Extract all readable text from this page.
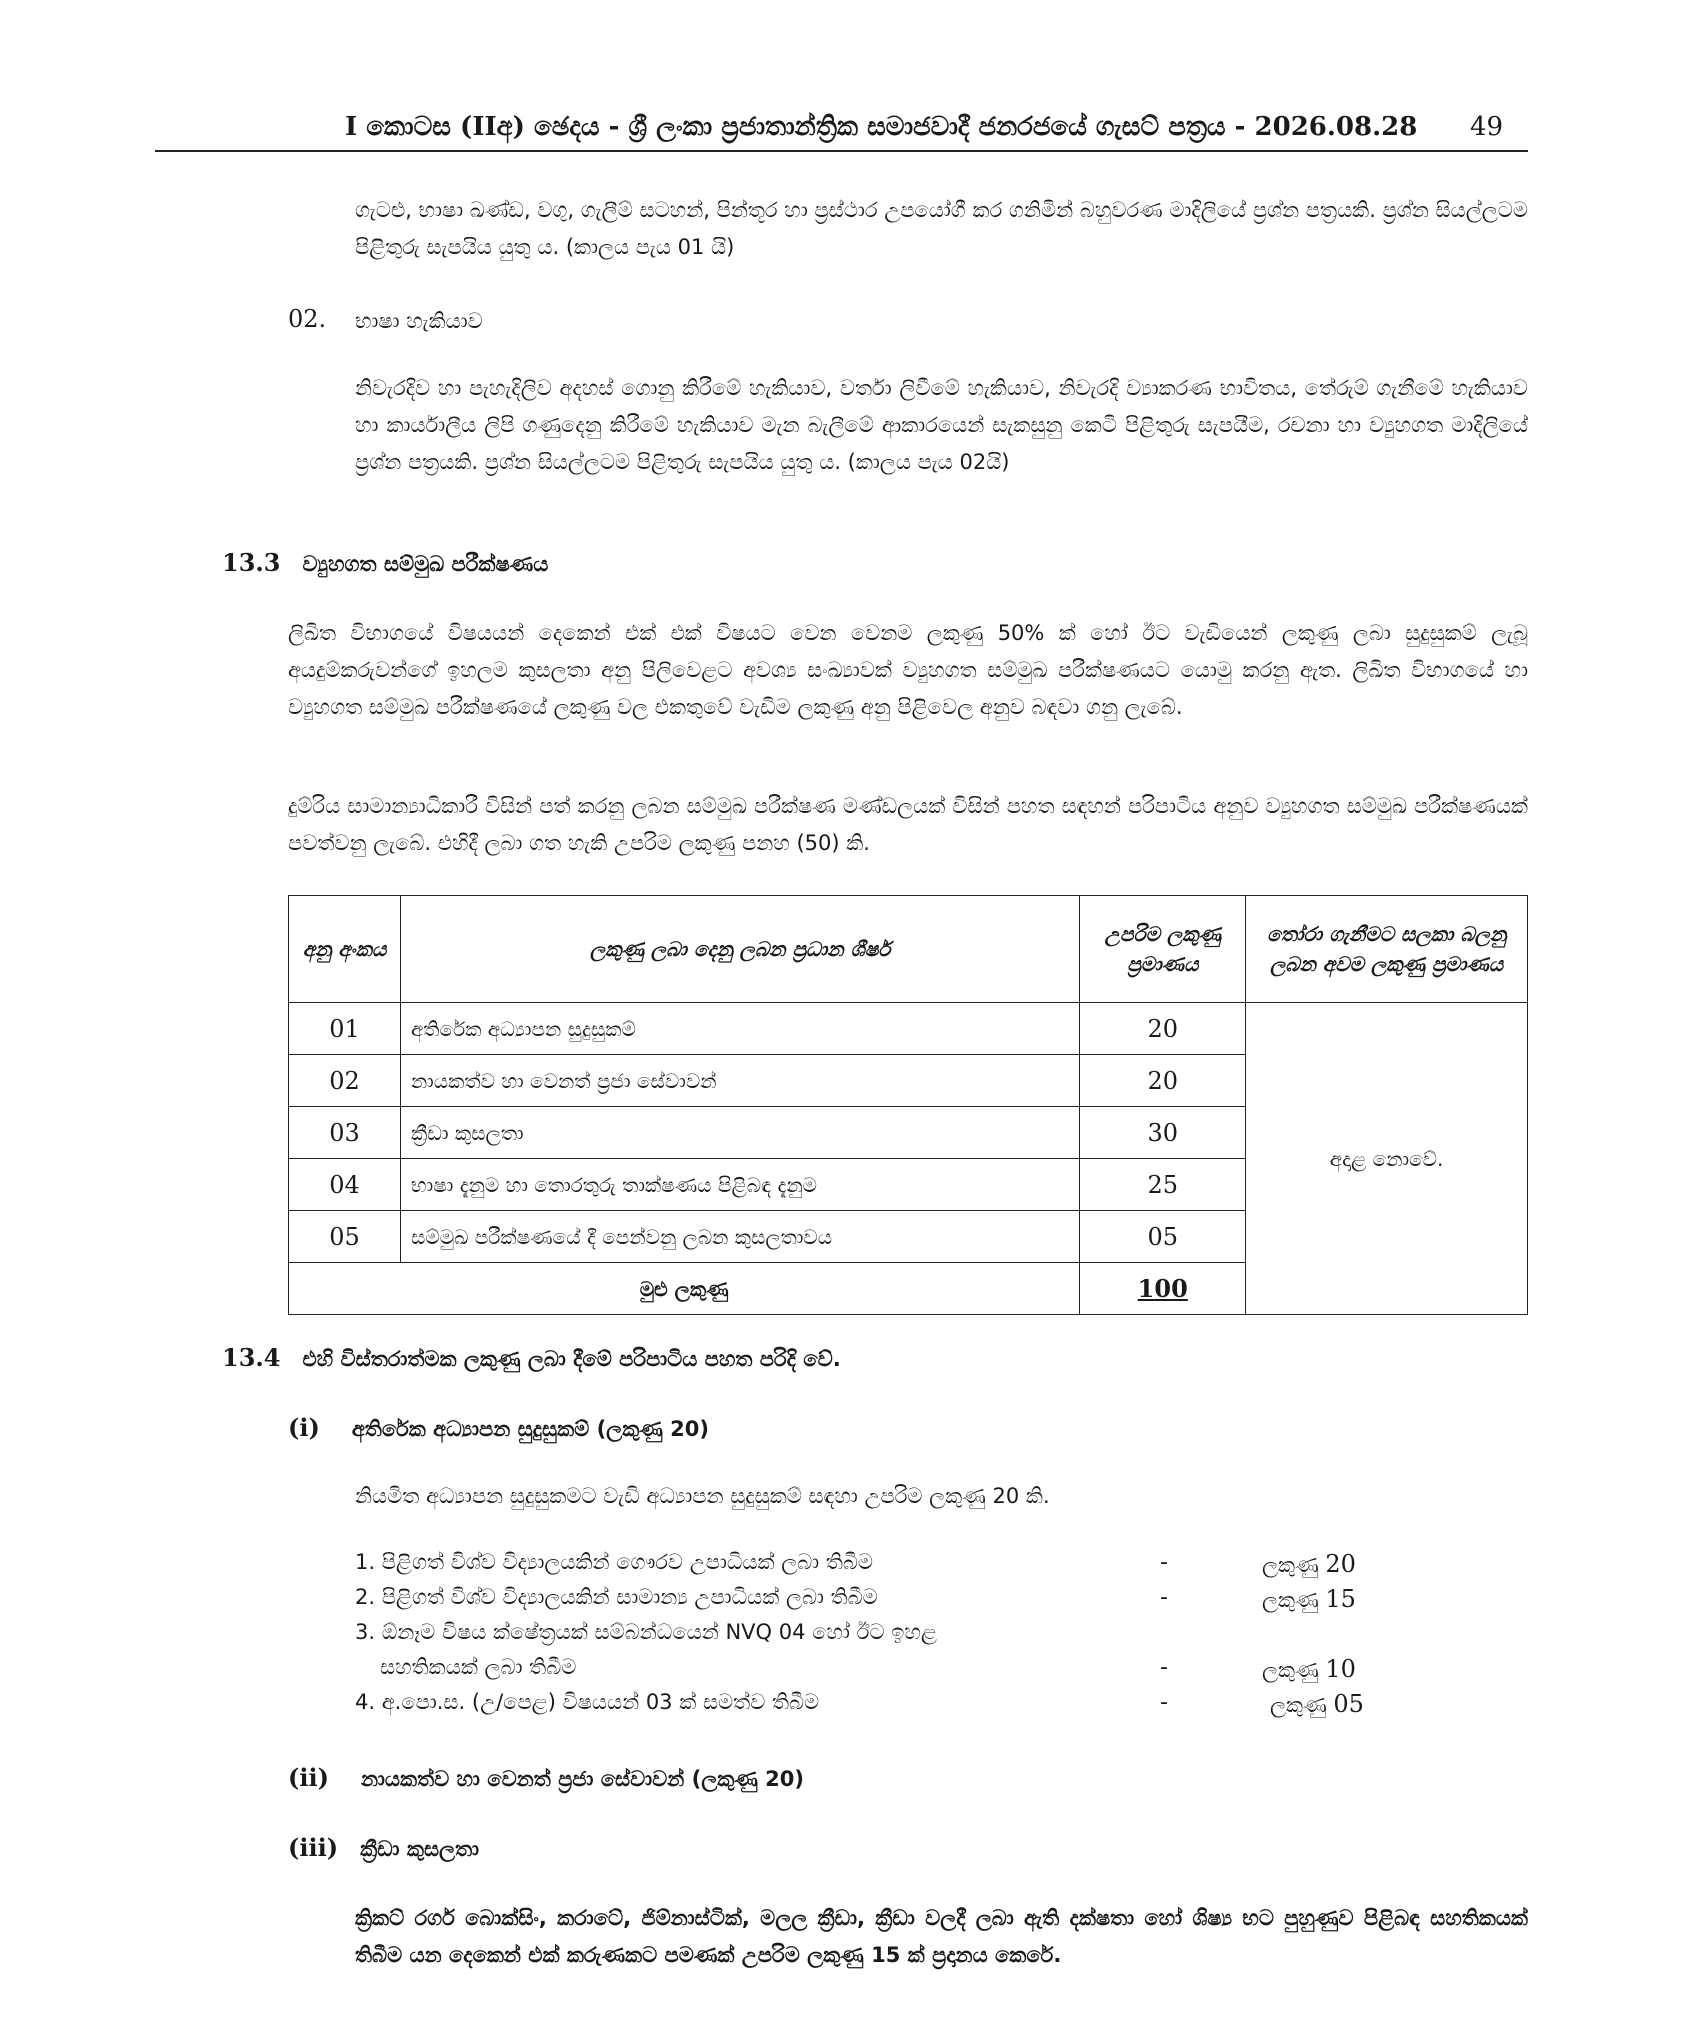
I කොටස (IIඅ) ඡෙදය - ශ්‍රී ලංකා ප්‍රජාතාන්ත්‍රික සමාජවාදී ජනරජයේ ගැසට් පත්‍රය - 2026.08.28 49
ගැටළු, භාෂා ඛණ්ඩ, වගු, ගැලීම් සටහන්, පින්තූර හා ප්‍රස්ථාර උපයෝගී කර ගනිමින් බහුවරණ මාදිලියේ ප්‍රශ්න පත්‍රයකි. ප්‍රශ්න සියල්ලටම පිළිතුරු සැපයිය යුතු ය. (කාලය පැය 01 යි)
02. භාෂා හැකියාව
නිවැරදිව හා පැහැදිලිව අදහස් ගොනු කිරීමේ හැකියාව, වර්තා ලිවීමේ හැකියාව, නිවැරදි ව්‍යාකරණ භාවිතය, තේරුම් ගැනීමේ හැකියාව හා කාර්යාලීය ලිපි ගණුදෙනු කිරීමේ හැකියාව මැන බැලීමේ ආකාරයෙන් සැකසුනු කෙටි පිළිතුරු සැපයීම, රචනා හා ව්‍යුහගත මාදිලියේ ප්‍රශ්න පත්‍රයකි. ප්‍රශ්න සියල්ලටම පිළිතුරු සැපයිය යුතු ය. (කාලය පැය 02යි)
13.3 ව්‍යුහගත සම්මුඛ පරීක්ෂණය
ලිඛිත විභාගයේ විෂයයන් දෙකෙන් එක් එක් විෂයට වෙන වෙනම ලකුණු 50% ක් හෝ ඊට වැඩියෙන් ලකුණු ලබා සුදුසුකම් ලැබූ අයදුම්කරුවන්ගේ ඉහලම කුසලතා අනු පිලිවෙළට අවශ්‍ය සංඛ්‍යාවක් ව්‍යුහගත සම්මුඛ පරීක්ෂණයට යොමු කරනු ඇත. ලිඛිත විභාගයේ හා ව්‍යුහගත සම්මුඛ පරීක්ෂණයේ ලකුණු වල එකතුවේ වැඩිම ලකුණු අනු පිළිවෙල අනුව බඳවා ගනු ලැබේ.
දුම්රිය සාමාන්‍යාධිකාරී විසින් පත් කරනු ලබන සම්මුඛ පරීක්ෂණ මණ්ඩලයක් විසින් පහත සඳහන් පරිපාටිය අනුව ව්‍යුහගත සම්මුඛ පරීක්ෂණයක් පවත්වනු ලැබේ. එහිදී ලබා ගත හැකි උපරිම ලකුණු පනහ (50) කි.
අනු අංකය	ලකුණු ලබා දෙනු ලබන ප්‍රධාන ශීර්ෂ	උපරිම ලකුණු ප්‍රමාණය	තෝරා ගැනීමට සලකා බලනු ලබන අවම ලකුණු ප්‍රමාණය
01	අතිරේක අධ්‍යාපන සුදුසුකම්	20	අදාළ නොවේ.
02	නායකත්ව හා වෙනත් ප්‍රජා සේවාවන්	20	
03	ක්‍රීඩා කුසලතා	30	
04	භාෂා දැනුම හා තොරතුරු තාක්ෂණය පිළිබඳ දැනුම	25	
05	සම්මුඛ පරීක්ෂණයේ දී පෙන්වනු ලබන කුසලතාවය	05	
මුළු ලකුණු		100	
13.4 එහි විස්තරාත්මක ලකුණු ලබා දීමේ පරිපාටිය පහත පරිදි වේ.
(i) අතිරේක අධ්‍යාපන සුදුසුකම් (ලකුණු 20)
නියමිත අධ්‍යාපන සුදුසුකමට වැඩි අධ්‍යාපන සුදුසුකම් සඳහා උපරිම ලකුණු 20 කි.
1. පිළිගත් විශ්ව විද්‍යාලයකින් ගෞරව උපාධියක් ලබා තිබීම	-	ලකුණු 20
2. පිළිගත් විශ්ව විද්‍යාලයකින් සාමාන්‍ය උපාධියක් ලබා තිබීම	-	ලකුණු 15
3. ඕනෑම විෂය ක්ෂේත්‍රයක් සම්බන්ධයෙන් NVQ 04 හෝ ඊට ඉහළ
සහතිකයක් ලබා තිබීම	-	ලකුණු 10
4. අ.පො.ස. (උ/පෙළ) විෂයයන් 03 ක් සමත්ව තිබීම	-	ලකුණු 05
(ii) නායකත්ව හා වෙනත් ප්‍රජා සේවාවන් (ලකුණු 20)
(iii) ක්‍රීඩා කුසලතා
ක්‍රිකට් රගර් බොක්සිං, කරාටේ, ජිම්නාස්ටික්, මලල ක්‍රීඩා, ක්‍රීඩා වලදී ලබා ඇති දක්ෂතා හෝ ශිෂ්‍ය භට පුහුණුව පිළිබඳ සහතිකයක් තිබීම යන දෙකෙන් එක් කරුණකට පමණක් උපරිම ලකුණු 15 ක් ප්‍රදානය කෙරේ.
